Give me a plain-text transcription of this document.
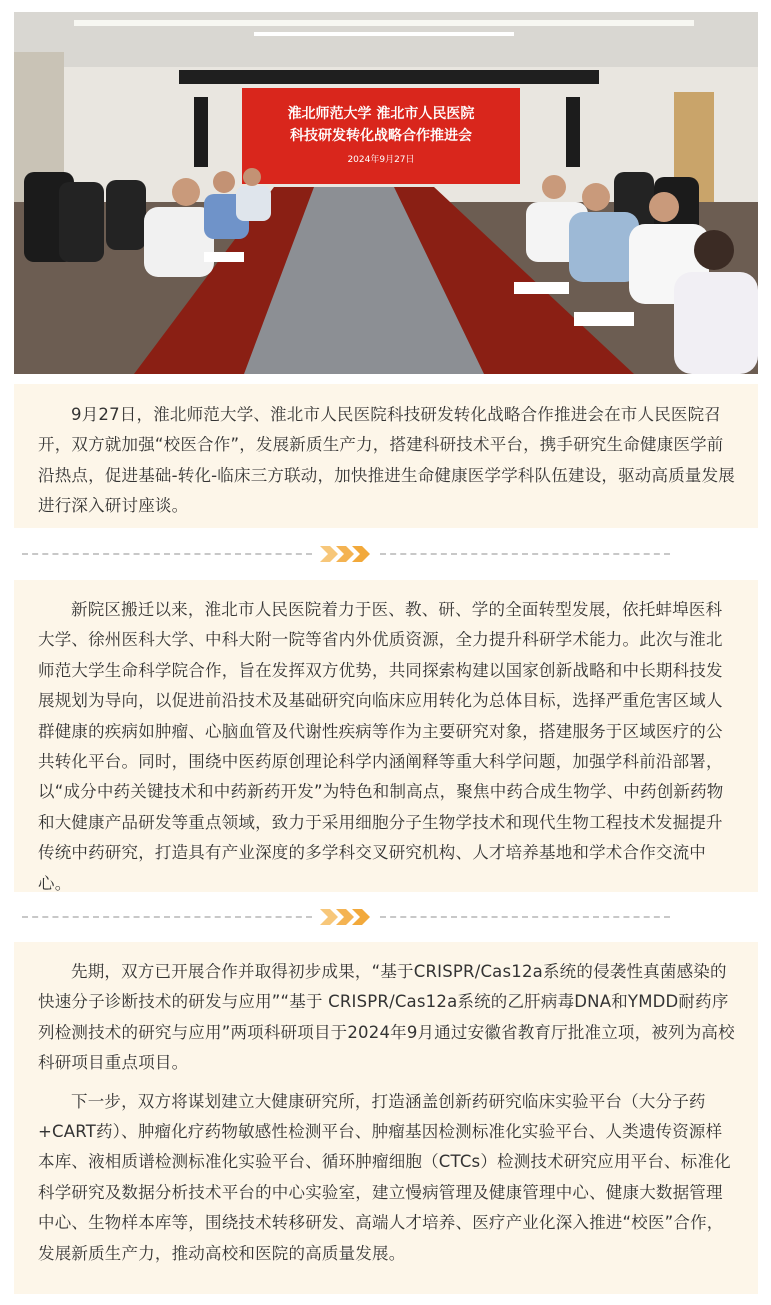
淮北师范大学 淮北市人民医院
科技研发转化战略合作推进会
2024年9月27日

9月27日，淮北师范大学、淮北市人民医院科技研发转化战略合作推进会在市人民医院召开，双方就加强“校医合作”，发展新质生产力，搭建科研技术平台，携手研究生命健康医学前沿热点，促进基础-转化-临床三方联动，加快推进生命健康医学学科队伍建设，驱动高质量发展进行深入研讨座谈。

新院区搬迁以来，淮北市人民医院着力于医、教、研、学的全面转型发展，依托蚌埠医科大学、徐州医科大学、中科大附一院等省内外优质资源，全力提升科研学术能力。此次与淮北师范大学生命科学院合作，旨在发挥双方优势，共同探索构建以国家创新战略和中长期科技发展规划为导向，以促进前沿技术及基础研究向临床应用转化为总体目标，选择严重危害区域人群健康的疾病如肿瘤、心脑血管及代谢性疾病等作为主要研究对象，搭建服务于区域医疗的公共转化平台。同时，围绕中医药原创理论科学内涵阐释等重大科学问题，加强学科前沿部署，以“成分中药关键技术和中药新药开发”为特色和制高点，聚焦中药合成生物学、中药创新药物和大健康产品研发等重点领域，致力于采用细胞分子生物学技术和现代生物工程技术发掘提升传统中药研究，打造具有产业深度的多学科交叉研究机构、人才培养基地和学术合作交流中心。

先期，双方已开展合作并取得初步成果，“基于CRISPR/Cas12a系统的侵袭性真菌感染的快速分子诊断技术的研发与应用”“基于 CRISPR/Cas12a系统的乙肝病毒DNA和YMDD耐药序列检测技术的研究与应用”两项科研项目于2024年9月通过安徽省教育厅批准立项，被列为高校科研项目重点项目。

下一步，双方将谋划建立大健康研究所，打造涵盖创新药研究临床实验平台（大分子药+CART药）、肿瘤化疗药物敏感性检测平台、肿瘤基因检测标准化实验平台、人类遗传资源样本库、液相质谱检测标准化实验平台、循环肿瘤细胞（CTCs）检测技术研究应用平台、标准化科学研究及数据分析技术平台的中心实验室，建立慢病管理及健康管理中心、健康大数据管理中心、生物样本库等，围绕技术转移研发、高端人才培养、医疗产业化深入推进“校医”合作，发展新质生产力，推动高校和医院的高质量发展。
